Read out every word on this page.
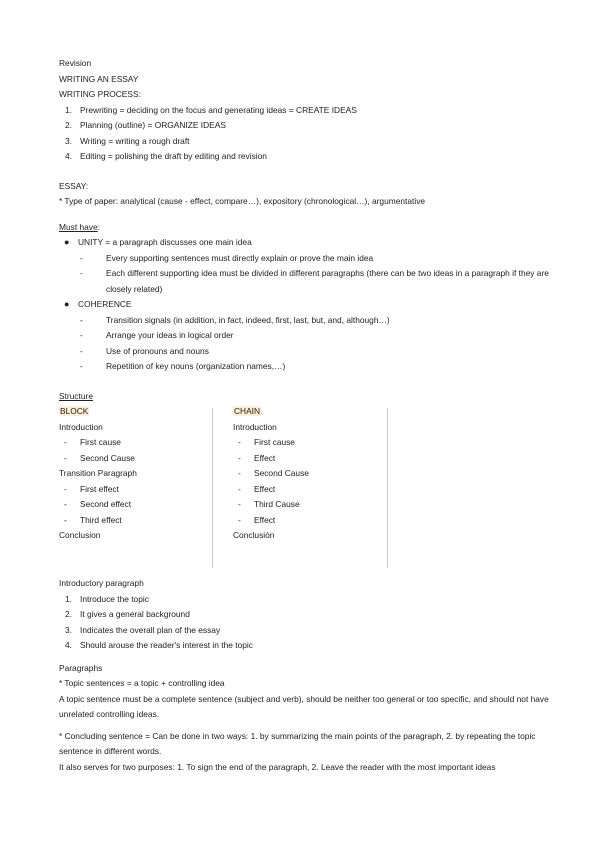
Revision
WRITING AN ESSAY
WRITING PROCESS:
1. Prewriting = deciding on the focus and generating ideas = CREATE IDEAS
2. Planning (outline) = ORGANIZE IDEAS
3. Writing = writing a rough draft
4. Editing = polishing the draft by editing and revision
ESSAY:
* Type of paper: analytical (cause - effect, compare…), expository (chronological…), argumentative
Must have:
● UNITY = a paragraph discusses one main idea
-	Every supporting sentences must directly explain or prove the main idea
-	Each different supporting idea must be divided in different paragraphs (there can be two ideas in a paragraph if they are closely related)
● COHERENCE
-	Transition signals (in addition, in fact, indeed, first, last, but, and, although…)
-	Arrange your ideas in logical order
-	Use of pronouns and nouns
-	Repetition of key nouns (organization names,…)
Structure
BLOCK
Introduction
- First cause
- Second Cause
Transition Paragraph
- First effect
- Second effect
- Third effect
Conclusion
CHAIN
Introduction
- First cause
- Effect
- Second Cause
- Effect
- Third Cause
- Effect
Conclusión
Introductory paragraph
1. Introduce the topic
2. It gives a general background
3. Indicates the overall plan of the essay
4. Should arouse the reader's interest in the topic
Paragraphs
* Topic sentences = a topic + controlling idea
A topic sentence must be a complete sentence (subject and verb), should be neither too general or too specific, and should not have unrelated controlling ideas.
* Concluding sentence = Can be done in two ways: 1. by summarizing the main points of the paragraph, 2. by repeating the topic sentence in different words.
It also serves for two purposes: 1. To sign the end of the paragraph, 2. Leave the reader with the most important ideas
